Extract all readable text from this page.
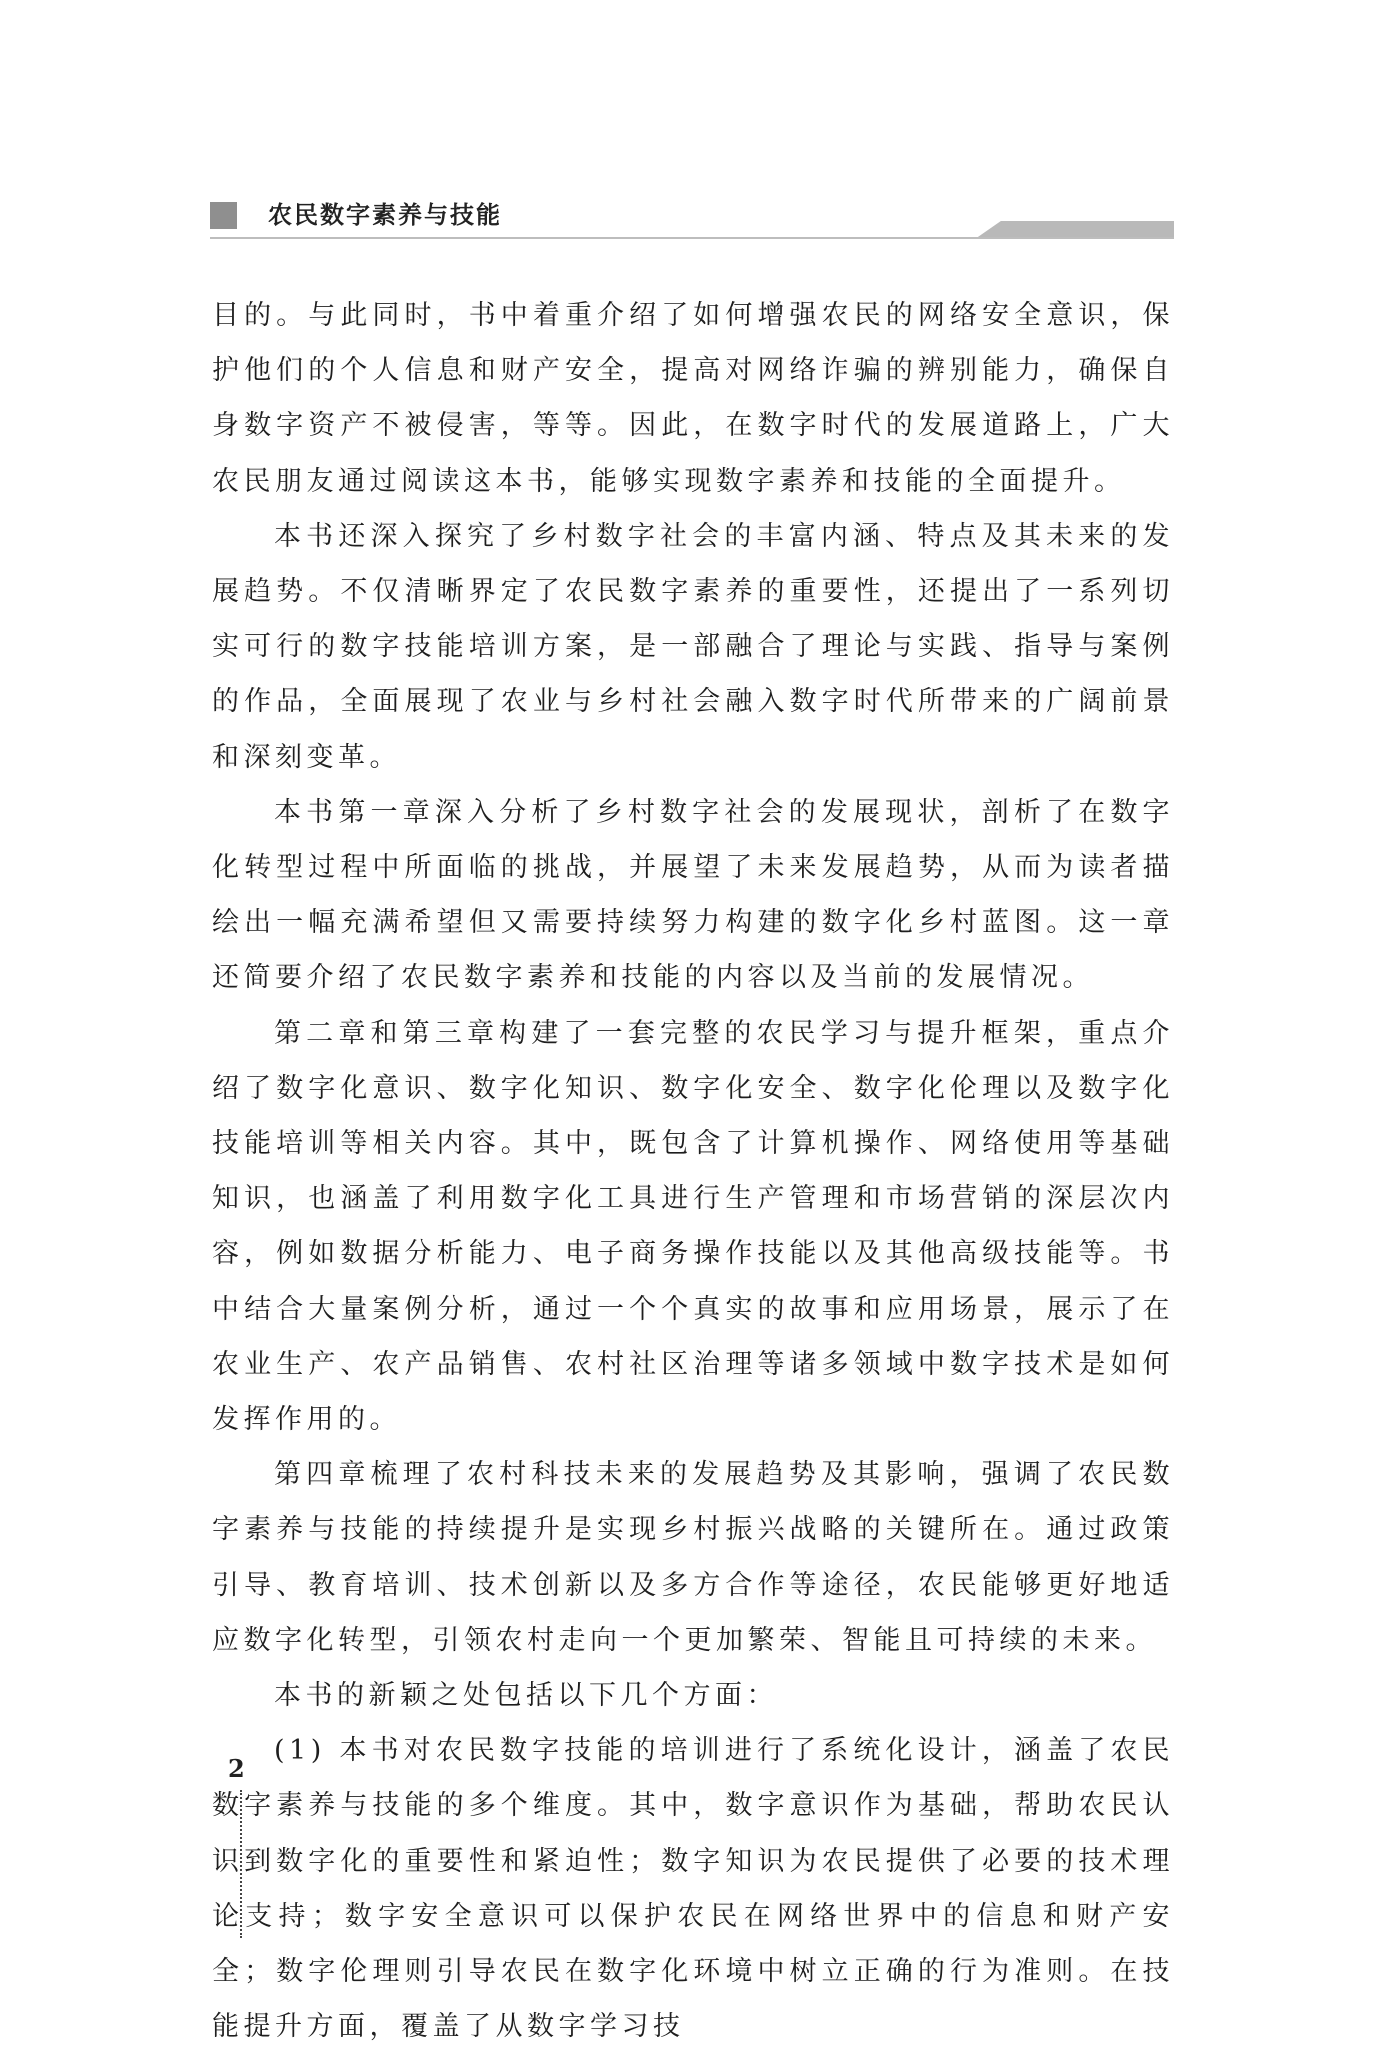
农民数字素养与技能

目的。与此同时，书中着重介绍了如何增强农民的网络安全意识，保护他们的个人信息和财产安全，提高对网络诈骗的辨别能力，确保自身数字资产不被侵害，等等。因此，在数字时代的发展道路上，广大农民朋友通过阅读这本书，能够实现数字素养和技能的全面提升。

本书还深入探究了乡村数字社会的丰富内涵、特点及其未来的发展趋势。不仅清晰界定了农民数字素养的重要性，还提出了一系列切实可行的数字技能培训方案，是一部融合了理论与实践、指导与案例的作品，全面展现了农业与乡村社会融入数字时代所带来的广阔前景和深刻变革。

本书第一章深入分析了乡村数字社会的发展现状，剖析了在数字化转型过程中所面临的挑战，并展望了未来发展趋势，从而为读者描绘出一幅充满希望但又需要持续努力构建的数字化乡村蓝图。这一章还简要介绍了农民数字素养和技能的内容以及当前的发展情况。

第二章和第三章构建了一套完整的农民学习与提升框架，重点介绍了数字化意识、数字化知识、数字化安全、数字化伦理以及数字化技能培训等相关内容。其中，既包含了计算机操作、网络使用等基础知识，也涵盖了利用数字化工具进行生产管理和市场营销的深层次内容，例如数据分析能力、电子商务操作技能以及其他高级技能等。书中结合大量案例分析，通过一个个真实的故事和应用场景，展示了在农业生产、农产品销售、农村社区治理等诸多领域中数字技术是如何发挥作用的。

第四章梳理了农村科技未来的发展趋势及其影响，强调了农民数字素养与技能的持续提升是实现乡村振兴战略的关键所在。通过政策引导、教育培训、技术创新以及多方合作等途径，农民能够更好地适应数字化转型，引领农村走向一个更加繁荣、智能且可持续的未来。

本书的新颖之处包括以下几个方面：

(1) 本书对农民数字技能的培训进行了系统化设计，涵盖了农民数字素养与技能的多个维度。其中，数字意识作为基础，帮助农民认识到数字化的重要性和紧迫性；数字知识为农民提供了必要的技术理论支持；数字安全意识可以保护农民在网络世界中的信息和财产安全；数字伦理则引导农民在数字化环境中树立正确的行为准则。在技能提升方面，覆盖了从数字学习技

2
